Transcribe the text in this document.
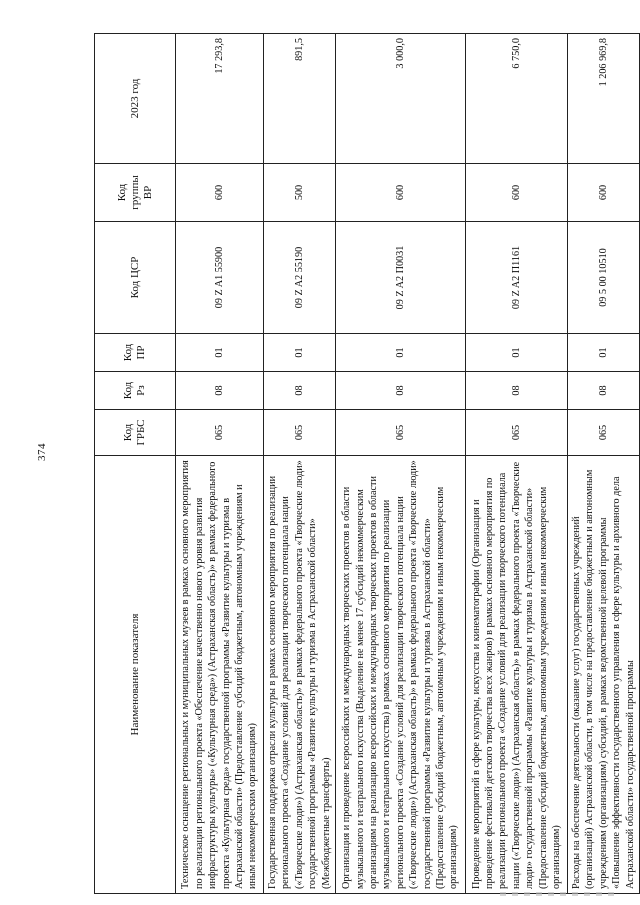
374
Наименование показателя	Код ГРБС	Код Рз	Код ПР	Код ЦСР	Код группы ВР	2023 год
Техническое оснащение региональных и муниципальных музеев в рамках основного мероприятия по реализации регионального проекта «Обеспечение качественно нового уровня развития инфраструктуры культуры» («Культурная среда») (Астраханская область)» в рамках федерального проекта «Культурная среда» государственной программы «Развитие культуры и туризма в Астраханской области» (Предоставление субсидий бюджетным, автономным учреждениям и иным некоммерческим организациям)	065	08	01	09 Z A1 55900	600	17 293,8
Государственная поддержка отрасли культуры в рамках основного мероприятия по реализации регионального проекта «Создание условий для реализации творческого потенциала нации («Творческие люди») (Астраханская область)» в рамках федерального проекта «Творческие люди» государственной программы «Развитие культуры и туризма в Астраханской области» (Межбюджетные трансферты)	065	08	01	09 Z A2 55190	500	891,5
Организация и проведение всероссийских и международных творческих проектов в области музыкального и театрального искусства (Выделение не менее 17 субсидий некоммерческим организациям на реализацию всероссийских и международных творческих проектов в области музыкального и театрального искусства) в рамках основного мероприятия по реализации регионального проекта «Создание условий для реализации творческого потенциала нации («Творческие люди») (Астраханская область)» в рамках федерального проекта «Творческие люди» государственной программы «Развитие культуры и туризма в Астраханской области» (Предоставление субсидий бюджетным, автономным учреждениям и иным некоммерческим организациям)	065	08	01	09 Z A2 П0031	600	3 000,0
Проведение мероприятий в сфере культуры, искусства и кинематографии (Организация и проведение фестивалей детского творчества всех жанров) в рамках основного мероприятия по реализации регионального проекта «Создание условий для реализации творческого потенциала нации («Творческие люди») (Астраханская область)» в рамках федерального проекта «Творческие люди» государственной программы «Развитие культуры и туризма в Астраханской области» (Предоставление субсидий бюджетным, автономным учреждениям и иным некоммерческим организациям)	065	08	01	09 Z A2 П1161	600	6 750,0
Расходы на обеспечение деятельности (оказание услуг) государственных учреждений (организаций) Астраханской области, в том числе на предоставление бюджетным и автономным учреждениям (организациям) субсидий, в рамках ведомственной целевой программы «Повышение эффективности государственного управления в сфере культуры и архивного дела Астраханской области» государственной программы	065	08	01	09 5 00 10510	600	1 206 969,8
